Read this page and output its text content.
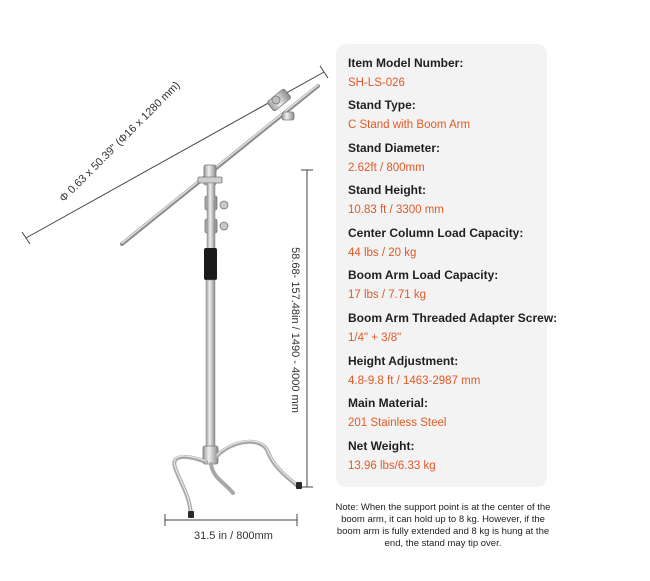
Φ 0.63 x 50.39" (Φ16 x 1280 mm)
58.68- 157.48in / 1490 - 4000 mm
31.5 in / 800mm
Item Model Number:
SH-LS-026
Stand Type:
C Stand with Boom Arm
Stand Diameter:
2.62ft / 800mm
Stand Height:
10.83 ft / 3300 mm
Center Column Load Capacity:
44 lbs / 20 kg
Boom Arm Load Capacity:
17 lbs / 7.71 kg
Boom Arm Threaded Adapter Screw:
1/4" + 3/8"
Height Adjustment:
4.8-9.8 ft / 1463-2987 mm
Main Material:
201 Stainless Steel
Net Weight:
13.96 lbs/6.33 kg
Note: When the support point is at the center of the boom arm, it can hold up to 8 kg. However, if the boom arm is fully extended and 8 kg is hung at the end, the stand may tip over.
